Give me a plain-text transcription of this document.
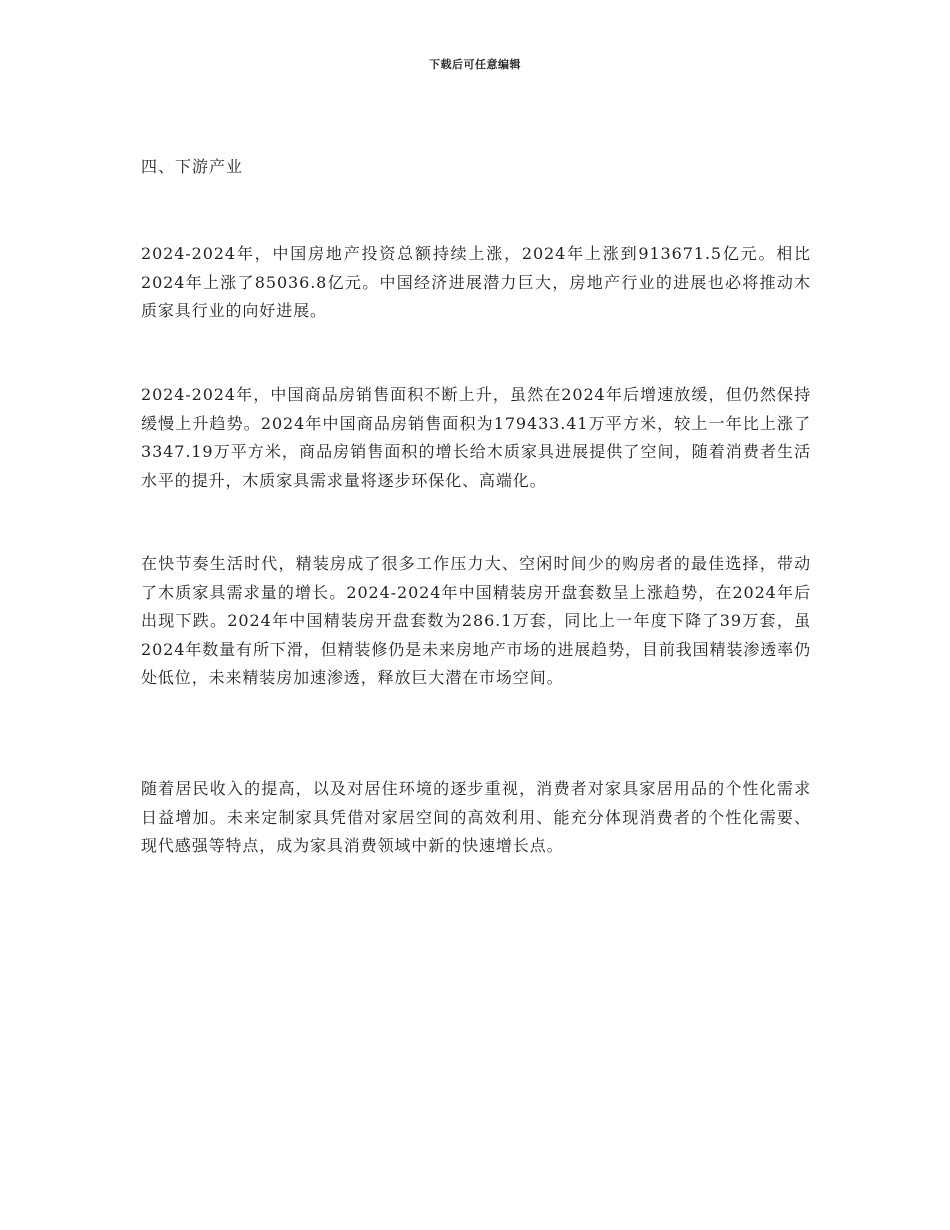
下载后可任意编辑
四、下游产业

2024-2024年，中国房地产投资总额持续上涨，2024年上涨到913671.5亿元。相比2024年上涨了85036.8亿元。中国经济进展潜力巨大，房地产行业的进展也必将推动木质家具行业的向好进展。

2024-2024年，中国商品房销售面积不断上升，虽然在2024年后增速放缓，但仍然保持缓慢上升趋势。2024年中国商品房销售面积为179433.41万平方米，较上一年比上涨了3347.19万平方米，商品房销售面积的增长给木质家具进展提供了空间，随着消费者生活水平的提升，木质家具需求量将逐步环保化、高端化。

在快节奏生活时代，精装房成了很多工作压力大、空闲时间少的购房者的最佳选择，带动了木质家具需求量的增长。2024-2024年中国精装房开盘套数呈上涨趋势，在2024年后出现下跌。2024年中国精装房开盘套数为286.1万套，同比上一年度下降了39万套，虽2024年数量有所下滑，但精装修仍是未来房地产市场的进展趋势，目前我国精装渗透率仍处低位，未来精装房加速渗透，释放巨大潜在市场空间。

随着居民收入的提高，以及对居住环境的逐步重视，消费者对家具家居用品的个性化需求日益增加。未来定制家具凭借对家居空间的高效利用、能充分体现消费者的个性化需要、现代感强等特点，成为家具消费领域中新的快速增长点。
